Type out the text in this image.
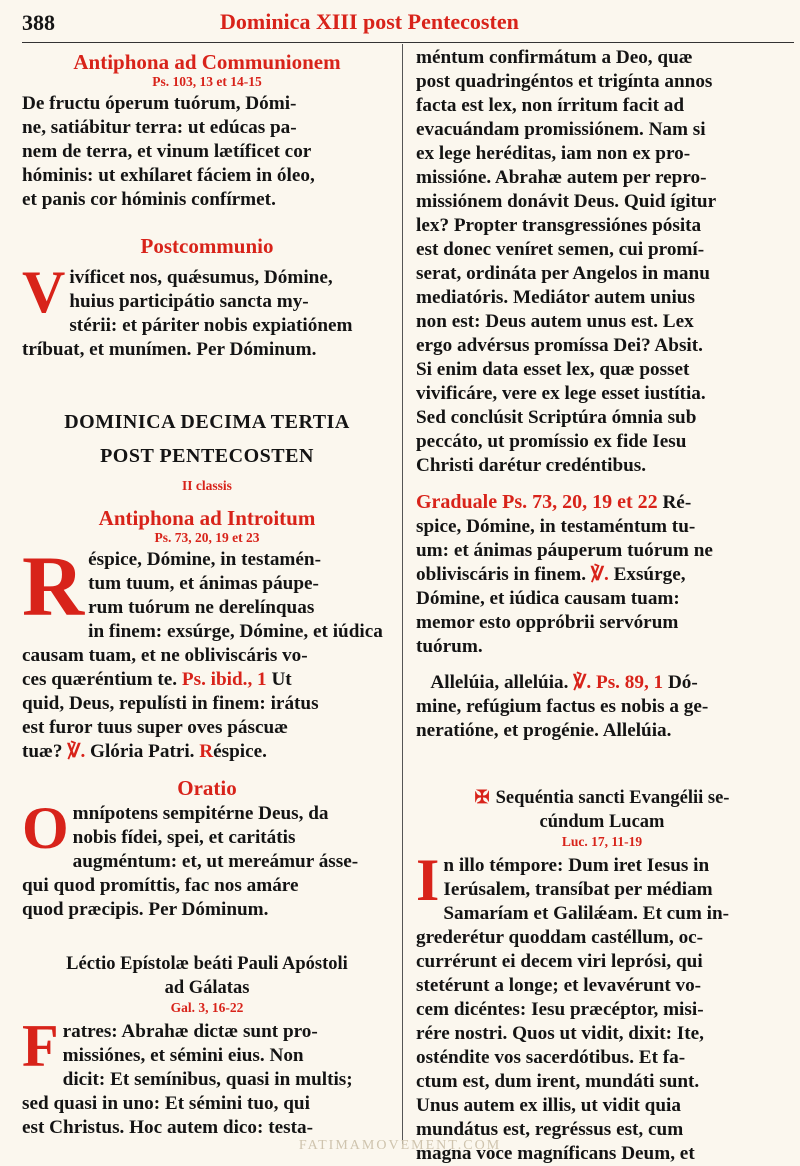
388	Dominica XIII post Pentecosten

Antiphona ad Communionem

Ps. 103, 13 et 14-15

De fructu óperum tuórum, Dómi-
ne, satiábitur terra: ut edúcas pa-
nem de terra, et vinum lætíficet cor
hóminis: ut exhílaret fáciem in óleo,
et panis cor hóminis confírmet.

Postcommunio

V ivíficet nos, quǽsumus, Dómine,
huius participátio sancta my-
stérii: et páriter nobis expiatiónem
tríbuat, et munímen. Per Dóminum.

DOMINICA DECIMA TERTIA

POST PENTECOSTEN

II classis

Antiphona ad Introitum

Ps. 73, 20, 19 et 23

R éspice, Dómine, in testamén-
tum tuum, et ánimas páupe-
rum tuórum ne derelínquas
in finem: exsúrge, Dómine, et iúdica
causam tuam, et ne obliviscáris vo-
ces quæréntium te. Ps. ibid., 1 Ut
quid, Deus, repulísti in finem: irátus
est furor tuus super oves páscuæ
tuæ? ℣. Glória Patri. Réspice.

Oratio

O mnípotens sempitérne Deus, da
nobis fídei, spei, et caritátis
augméntum: et, ut mereámur ásse-
qui quod promíttis, fac nos amáre
quod præcipis. Per Dóminum.

Léctio Epístolæ beáti Pauli Apóstoli

ad Gálatas

Gal. 3, 16-22

F ratres: Abrahæ dictæ sunt pro-
missiónes, et sémini eius. Non
dicit: Et semínibus, quasi in multis;
sed quasi in uno: Et sémini tuo, qui
est Christus. Hoc autem dico: testa-
méntum confirmátum a Deo, quæ
post quadringéntos et trigínta annos
facta est lex, non írritum facit ad
evacuándam promissiónem. Nam si
ex lege heréditas, iam non ex pro-
missióne. Abrahæ autem per repro-
missiónem donávit Deus. Quid ígitur
lex? Propter transgressiónes pósita
est donec veníret semen, cui promí-
serat, ordináta per Angelos in manu
mediatóris. Mediátor autem unius
non est: Deus autem unus est. Lex
ergo advérsus promíssa Dei? Absit.
Si enim data esset lex, quæ posset
vivificáre, vere ex lege esset iustítia.
Sed conclúsit Scriptúra ómnia sub
peccáto, ut promíssio ex fide Iesu
Christi darétur credéntibus.
Graduale Ps. 73, 20, 19 et 22 Ré-
spice, Dómine, in testaméntum tu-
um: et ánimas páuperum tuórum ne
obliviscáris in finem. ℣. Exsúrge,
Dómine, et iúdica causam tuam:
memor esto oppróbrii servórum
tuórum.
Allelúia, allelúia. ℣. Ps. 89, 1 Dó-
mine, refúgium factus es nobis a ge-
neratióne, et progénie. Allelúia.

✠ Sequéntia sancti Evangélii se-

cúndum Lucam

Luc. 17, 11-19

I n illo témpore: Dum iret Iesus in
Ierúsalem, transíbat per médiam
Samaríam et Galilǽam. Et cum in-
grederétur quoddam castéllum, oc-
currérunt ei decem viri leprósi, qui
stetérunt a longe; et levavérunt vo-
cem dicéntes: Iesu præcéptor, misi-
rére nostri. Quos ut vidit, dixit: Ite,
osténdite vos sacerdótibus. Et fa-
ctum est, dum irent, mundáti sunt.
Unus autem ex illis, ut vidit quia
mundátus est, regréssus est, cum
magna voce magníficans Deum, et
FATIMAMOVEMENT.COM
